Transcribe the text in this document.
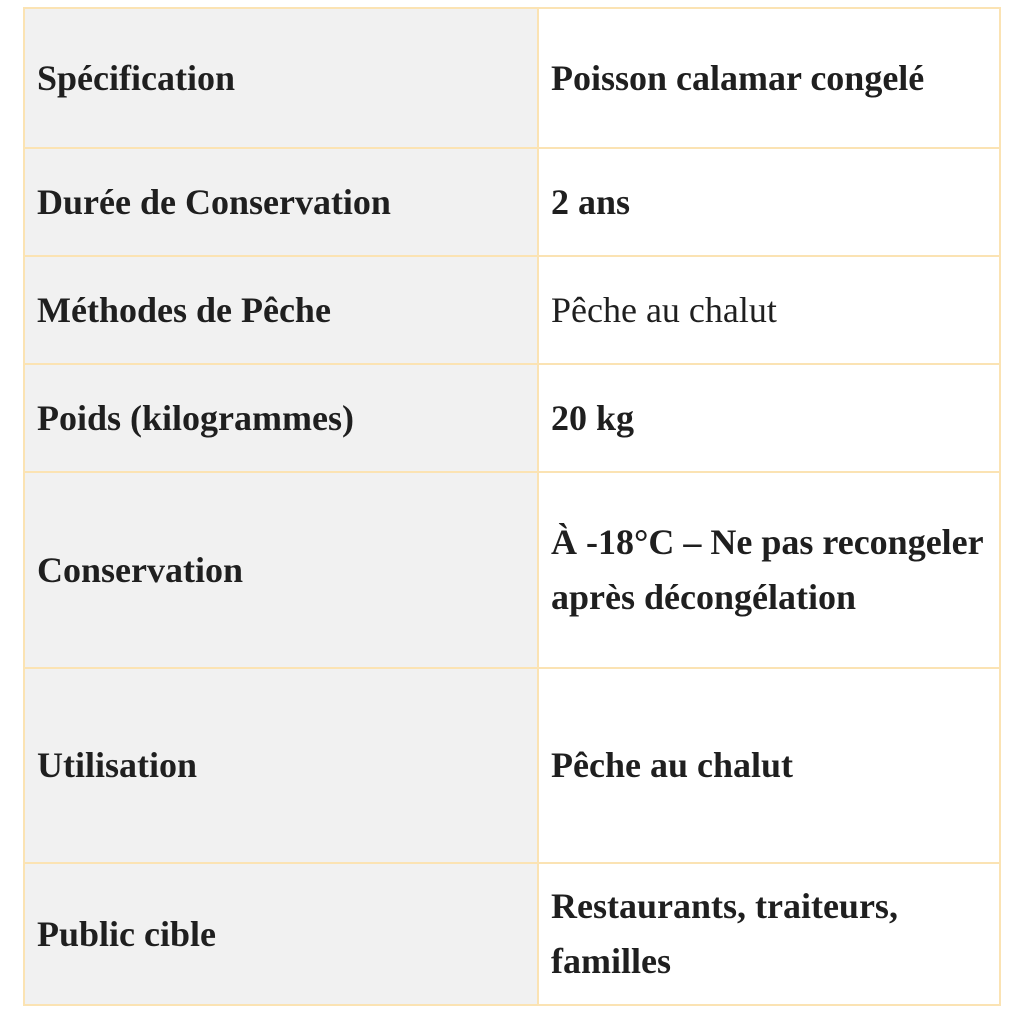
Spécification	Poisson calamar congelé
Durée de Conservation	2 ans
Méthodes de Pêche	Pêche au chalut
Poids (kilogrammes)	20 kg
Conservation	À -18°C – Ne pas recongeler après décongélation
Utilisation	Pêche au chalut
Public cible	Restaurants, traiteurs, familles
